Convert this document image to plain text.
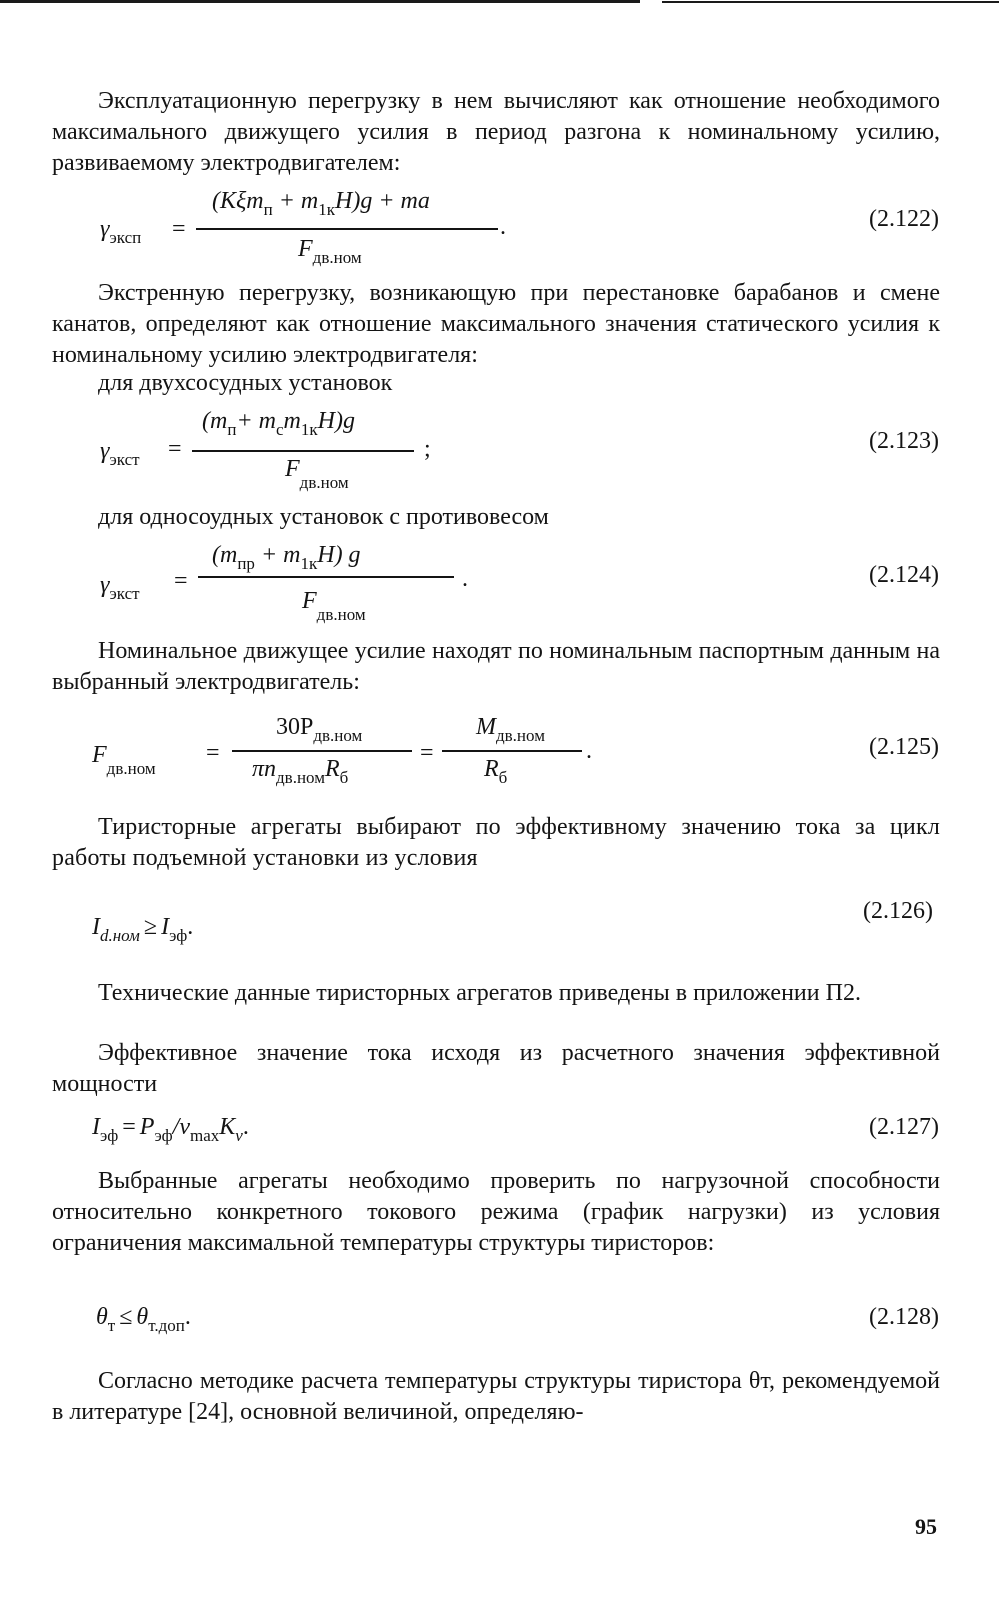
Эксплуатационную перегрузку в нем вычисляют как отношение необходимого максимального движущего усилия в период разгона к номинальному усилию, развиваемому электродвигателем:

$\gamma_{эксп}$ =
$(K\xi m_п + m_{1к}H)g$ + ma
$F_{дв.ном}$
.	(2.122)

Экстренную перегрузку, возникающую при перестановке барабанов и смене канатов, определяют как отношение максимального значения статического усилия к номинальному усилию электродвигателя:

для двухсосудных установок

$\gamma_{экст}$ =
$(m_п+ m_сm_{1к}H)g$
$F_{дв.ном}$
;	(2.123)

для односоудных установок с противовесом

$\gamma_{экст}$ =
$(m_{пр} + m_{1к}H)$ g
$F_{дв.ном}$
.	(2.124)

Номинальное движущее усилие находят по номинальным паспортным данным на выбранный электродвигатель:

$F_{дв.ном}$
=
$30P_{дв.ном}$
$\pi n_{дв.ном}R_б$
=
$M_{дв.ном}$
$R_б$
.	(2.125)

Тиристорные агрегаты выбирают по эффективному значению тока за цикл работы подъемной установки из условия

$I_{d.ном} \ge I_{эф}$.
(2.126)

Технические данные тиристорных агрегатов приведены в приложении П2.

Эффективное значение тока исходя из расчетного значения эффективной мощности

$I_{эф} = P_{эф}/v_{max}K_v$.	(2.127)

Выбранные агрегаты необходимо проверить по нагрузочной способности относительно конкретного токового режима (график нагрузки) из условия ограничения максимальной температуры структуры тиристоров:

$\theta_т \le \theta_{т.доп}$.	(2.128)

Согласно методике расчета температуры структуры тиристора θт, рекомендуемой в литературе [24], основной величиной, определяю-

95
